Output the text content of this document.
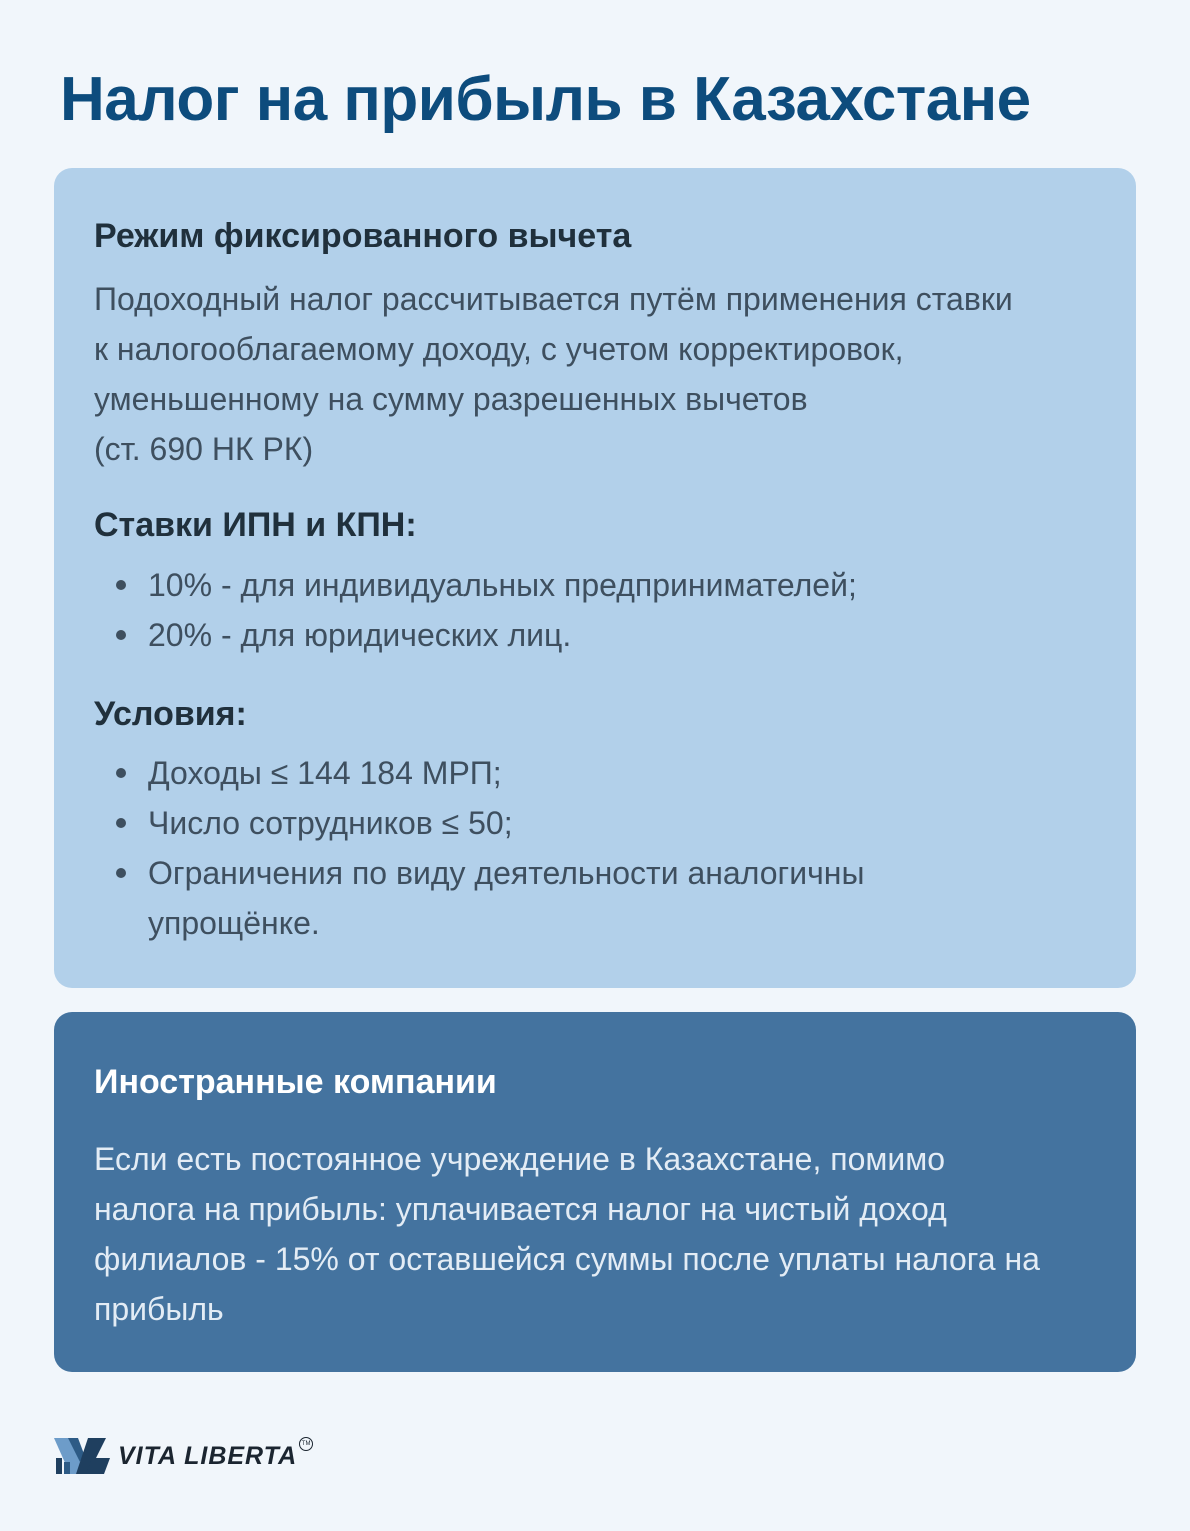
Налог на прибыль в Казахстане
Режим фиксированного вычета

Подоходный налог рассчитывается путём применения ставки

к налогооблагаемому доходу, с учетом корректировок,

уменьшенному на сумму разрешенных вычетов

(ст. 690 НК РК)

Ставки ИПН и КПН:
10% - для индивидуальных предпринимателей;
20% - для юридических лиц.
Условия:
Доходы ≤ 144 184 МРП;
Число сотрудников ≤ 50;
Ограничения по виду деятельности аналогичны
упрощёнке.
Иностранные компании

Если есть постоянное учреждение в Казахстане, помимо

налога на прибыль: уплачивается налог на чистый доход

филиалов - 15% от оставшейся суммы после уплаты налога на

прибыль

VITA LIBERTA TM
